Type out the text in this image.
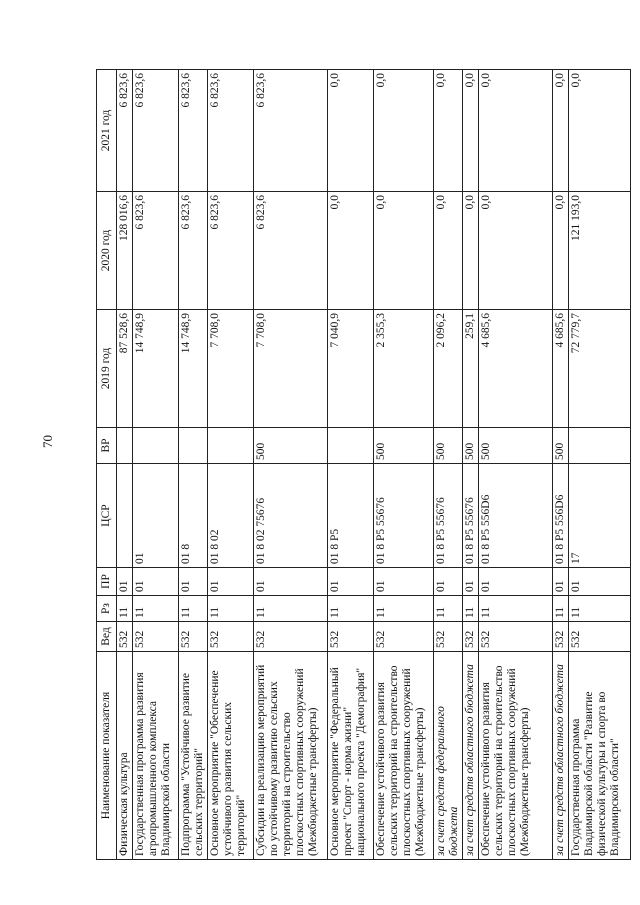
70
Наименование показателя	Вед	Рз	ПР	ЦСР	ВР	2019 год	2020 год	2021 год
Физическая культура	532	11	01			87 528,6	128 016,6	6 823,6
Государственная программа развития агропромышленного комплекса Владимирской области	532	11	01	01		14 748,9	6 823,6	6 823,6
Подпрограмма "Устойчивое развитие сельских территорий"	532	11	01	01 8		14 748,9	6 823,6	6 823,6
Основное мероприятие "Обеспечение устойчивого развития сельских территорий"	532	11	01	01 8 02		7 708,0	6 823,6	6 823,6
Субсидии на реализацию мероприятий по устойчивому развитию сельских территорий на строительство плоскостных спортивных сооружений (Межбюджетные трансферты)	532	11	01	01 8 02 75676	500	7 708,0	6 823,6	6 823,6
Основное мероприятие "Федеральный проект "Спорт - норма жизни" национального проекта "Демография"	532	11	01	01 8 P5		7 040,9	0,0	0,0
Обеспечение устойчивого развития сельских территорий на строительство плоскостных спортивных сооружений (Межбюджетные трансферты)	532	11	01	01 8 P5 55676	500	2 355,3	0,0	0,0
за счет средств федерального бюджета	532	11	01	01 8 P5 55676	500	2 096,2	0,0	0,0
за счет средств областного бюджета	532	11	01	01 8 P5 55676	500	259,1	0,0	0,0
Обеспечение устойчивого развития сельских территорий на строительство плоскостных спортивных сооружений (Межбюджетные трансферты)	532	11	01	01 8 P5 556D6	500	4 685,6	0,0	0,0
за счет средств областного бюджета	532	11	01	01 8 P5 556D6	500	4 685,6	0,0	0,0
Государственная программа Владимирской области "Развитие физической культуры и спорта во Владимирской области"	532	11	01	17		72 779,7	121 193,0	0,0
